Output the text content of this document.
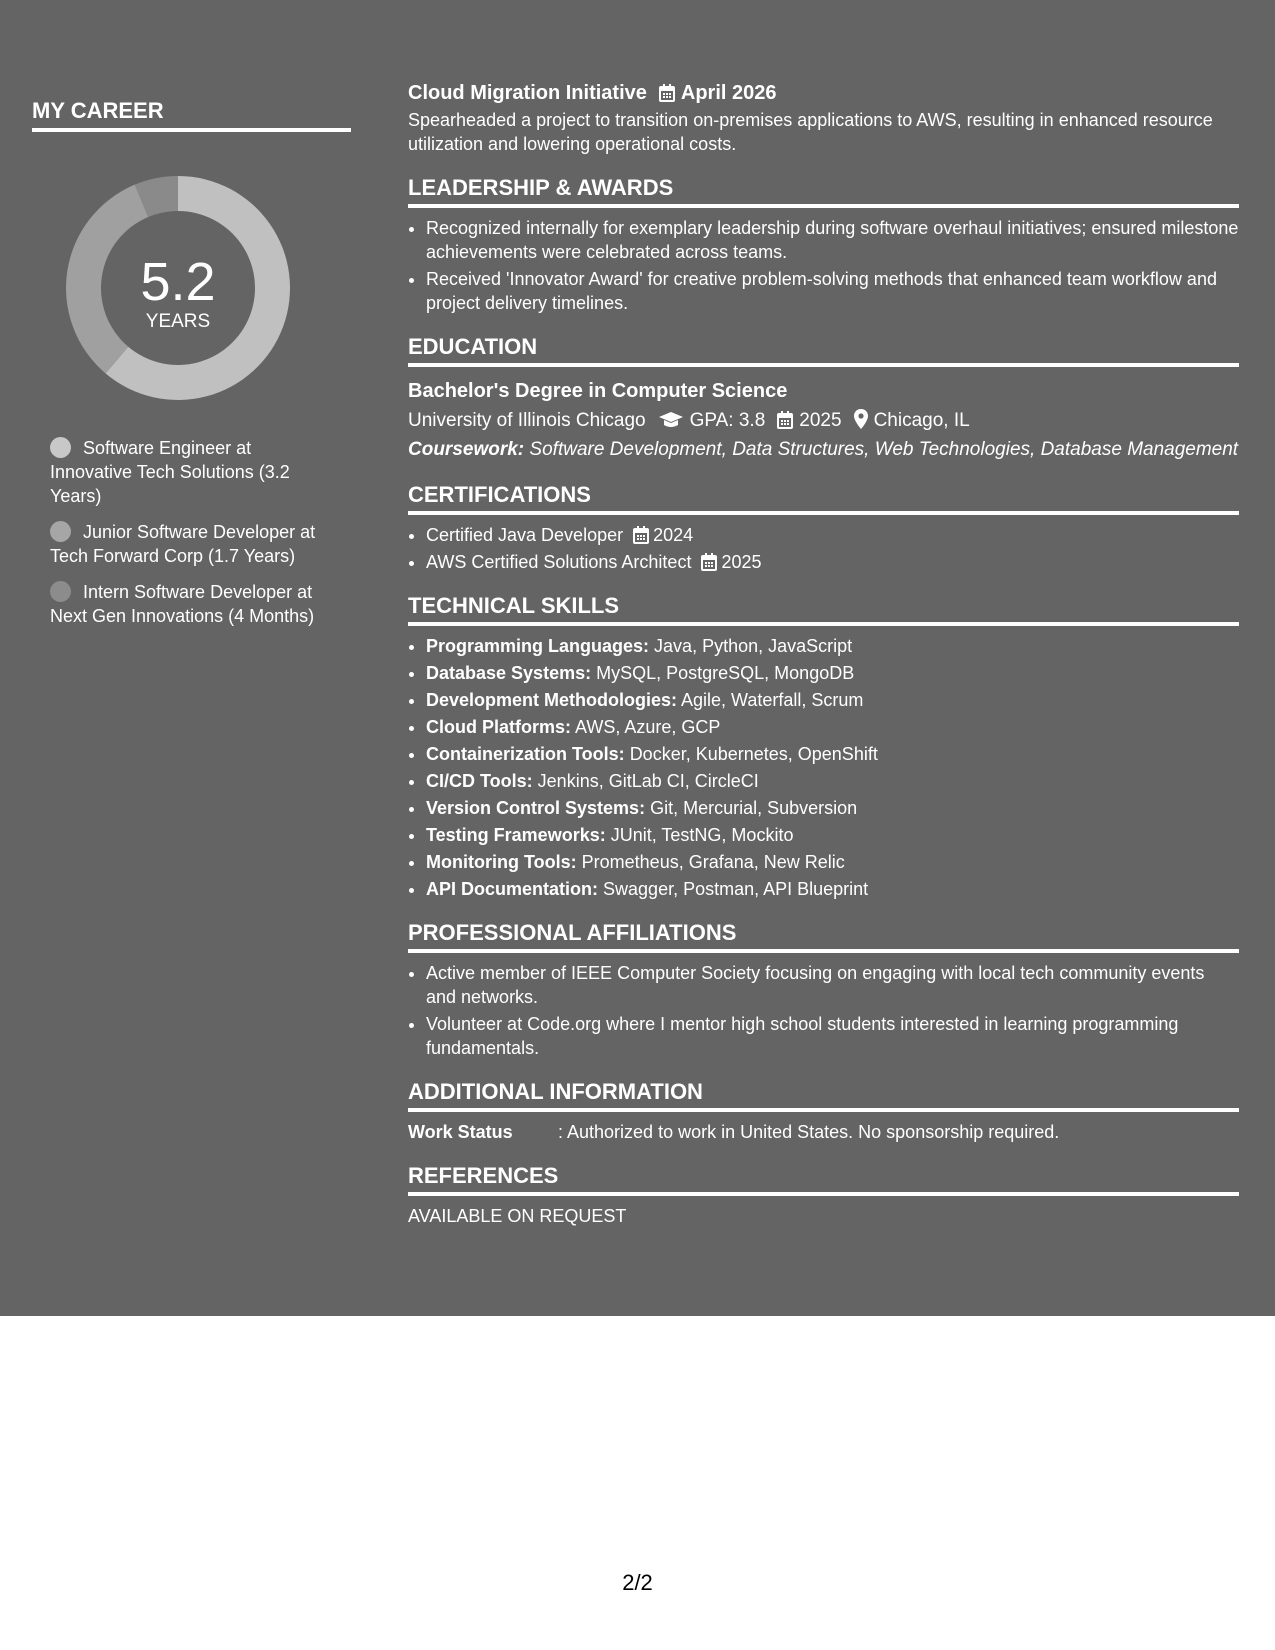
MY CAREER
5.2
YEARS
Software Engineer at Innovative Tech Solutions (3.2 Years)
Junior Software Developer at Tech Forward Corp (1.7 Years)
Intern Software Developer at Next Gen Innovations (4 Months)

Cloud Migration Initiative April 2026

Spearheaded a project to transition on-premises applications to AWS, resulting in enhanced resource utilization and lowering operational costs.

LEADERSHIP & AWARDS
• Recognized internally for exemplary leadership during software overhaul initiatives; ensured milestone achievements were celebrated across teams.
• Received 'Innovator Award' for creative problem-solving methods that enhanced team workflow and project delivery timelines.
EDUCATION

Bachelor's Degree in Computer Science

University of Illinois Chicago GPA: 3.8 2025 Chicago, IL

Coursework: Software Development, Data Structures, Web Technologies, Database Management

CERTIFICATIONS
• Certified Java Developer 2024
• AWS Certified Solutions Architect 2025
TECHNICAL SKILLS
• Programming Languages: Java, Python, JavaScript
• Database Systems: MySQL, PostgreSQL, MongoDB
• Development Methodologies: Agile, Waterfall, Scrum
• Cloud Platforms: AWS, Azure, GCP
• Containerization Tools: Docker, Kubernetes, OpenShift
• CI/CD Tools: Jenkins, GitLab CI, CircleCI
• Version Control Systems: Git, Mercurial, Subversion
• Testing Frameworks: JUnit, TestNG, Mockito
• Monitoring Tools: Prometheus, Grafana, New Relic
• API Documentation: Swagger, Postman, API Blueprint
PROFESSIONAL AFFILIATIONS
• Active member of IEEE Computer Society focusing on engaging with local tech community events and networks.
• Volunteer at Code.org where I mentor high school students interested in learning programming fundamentals.
ADDITIONAL INFORMATION

Work Status	: Authorized to work in United States. No sponsorship required.

REFERENCES

AVAILABLE ON REQUEST

2/2
